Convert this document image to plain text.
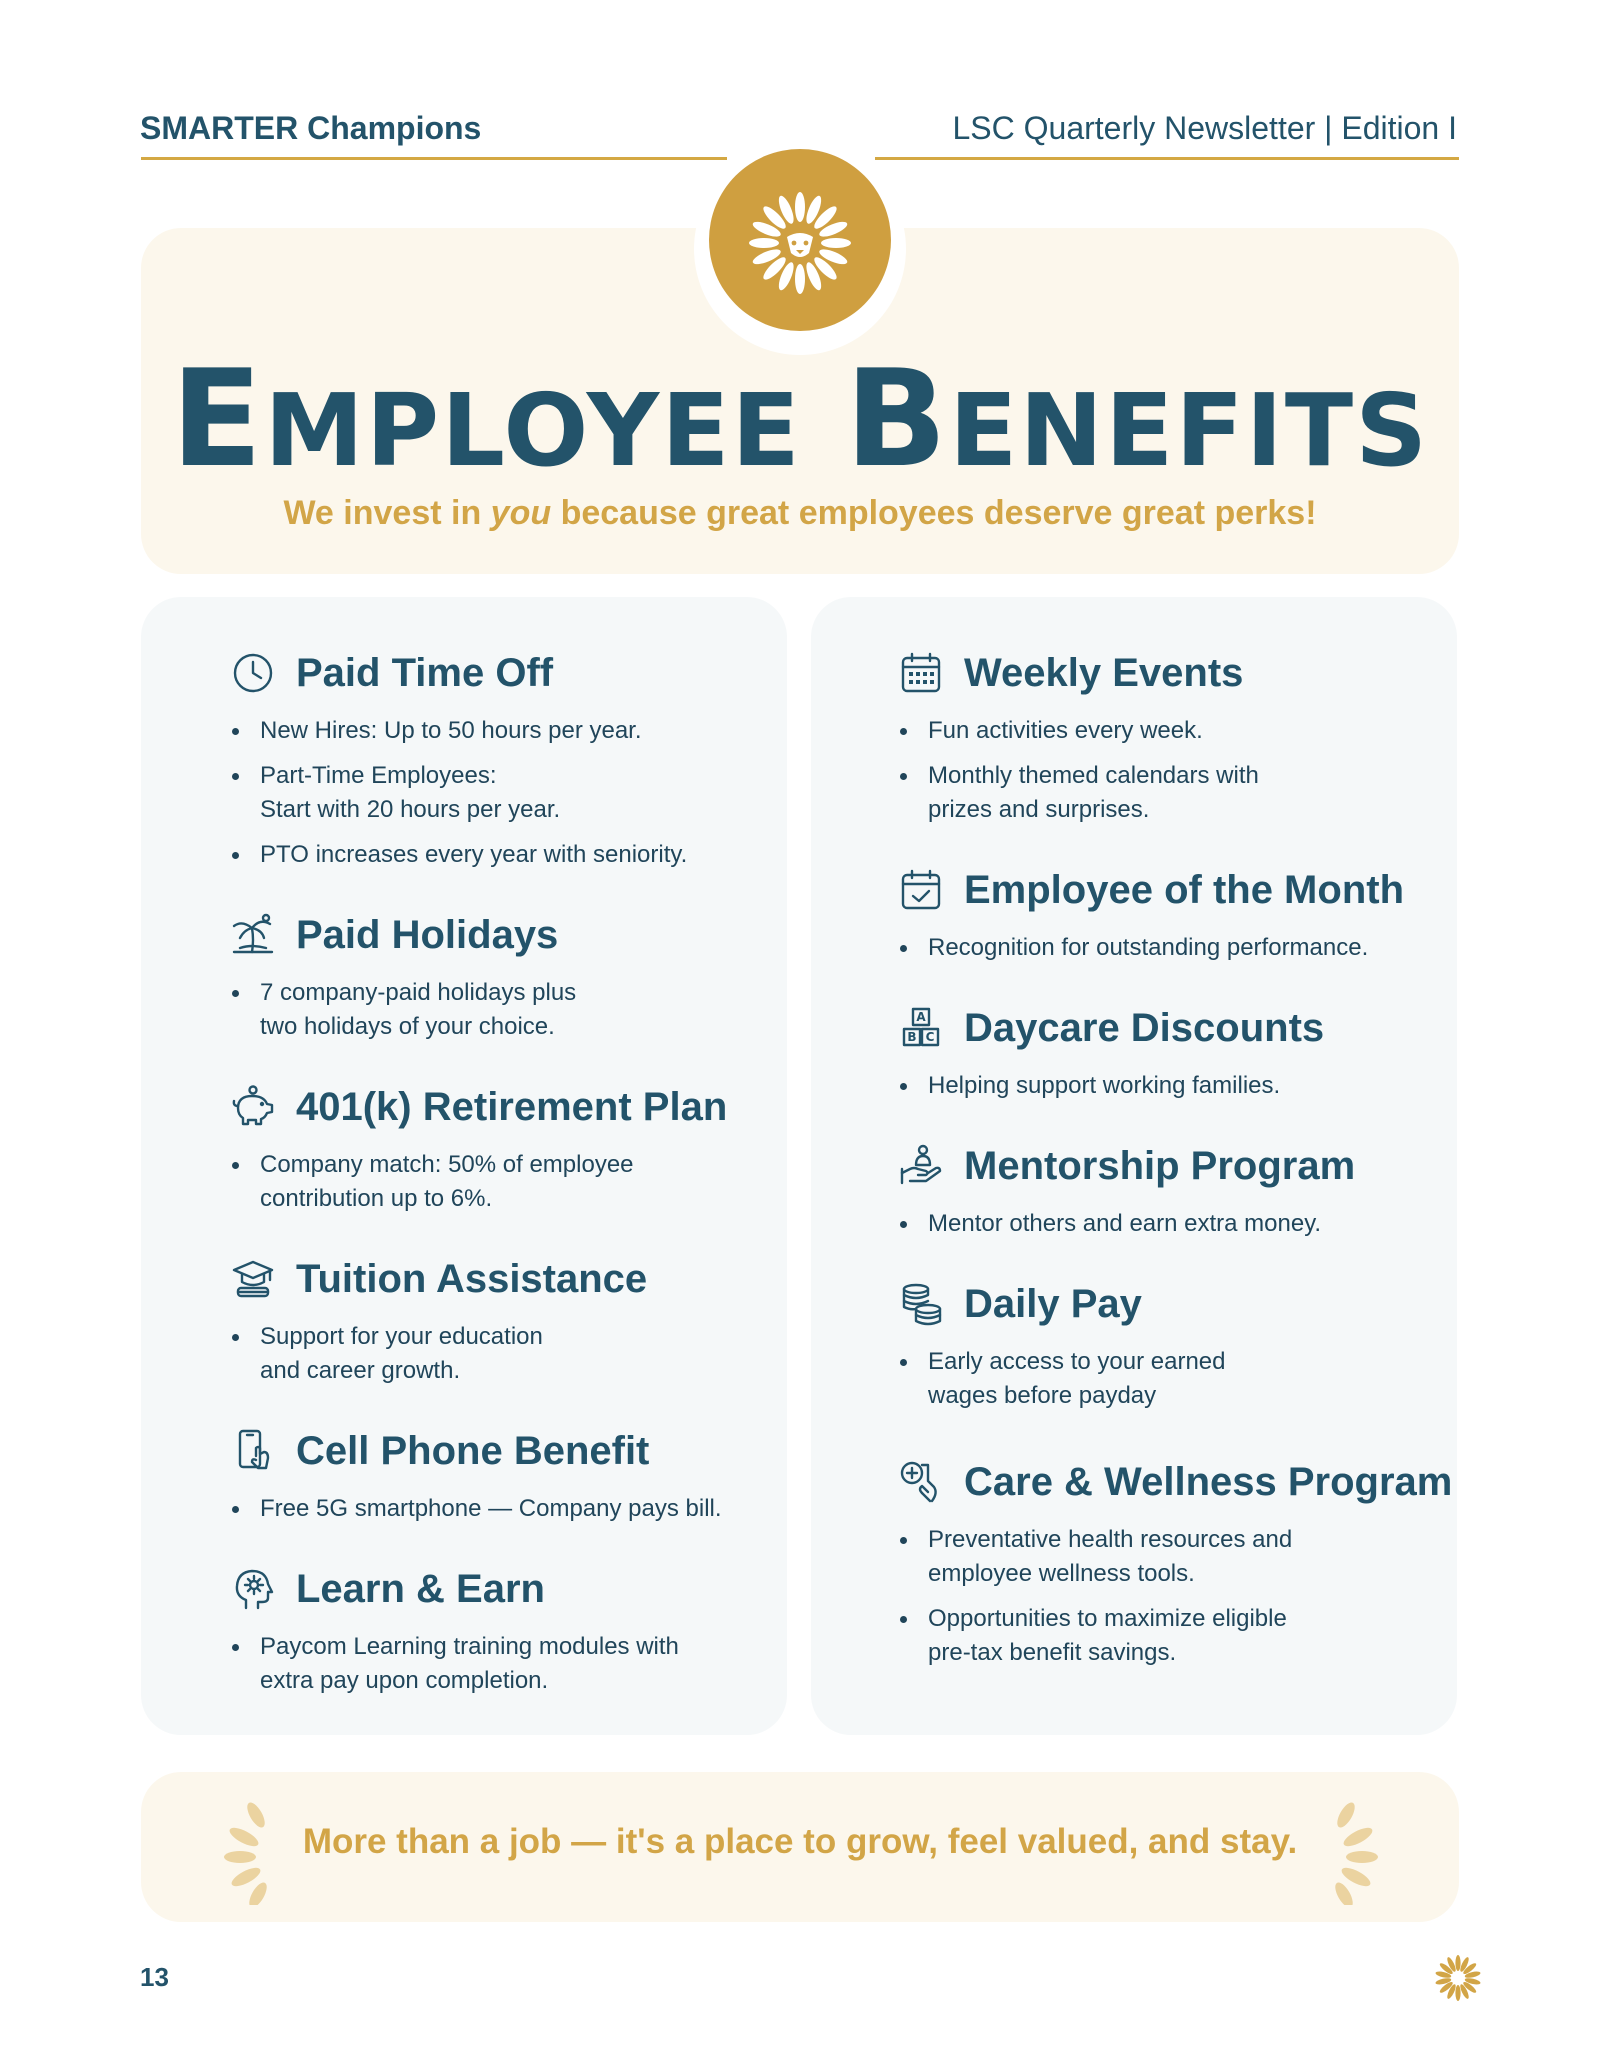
SMARTER Champions	LSC Quarterly Newsletter | Edition I
EMPLOYEE BENEFITS
We invest in you because great employees deserve great perks!
Paid Time Off
New Hires: Up to 50 hours per year.
Part-Time Employees:
Start with 20 hours per year.
PTO increases every year with seniority.
Paid Holidays
7 company-paid holidays plus
two holidays of your choice.
401(k) Retirement Plan
Company match: 50% of employee
contribution up to 6%.
Tuition Assistance
Support for your education
and career growth.
Cell Phone Benefit
Free 5G smartphone — Company pays bill.
Learn & Earn
Paycom Learning training modules with
extra pay upon completion.
Weekly Events
Fun activities every week.
Monthly themed calendars with
prizes and surprises.
Employee of the Month
Recognition for outstanding performance.
A
B C Daycare Discounts
Helping support working families.
Mentorship Program
Mentor others and earn extra money.
Daily Pay
Early access to your earned
wages before payday
Care & Wellness Program
Preventative health resources and
employee wellness tools.
Opportunities to maximize eligible
pre-tax benefit savings.
More than a job — it's a place to grow, feel valued, and stay.
13
